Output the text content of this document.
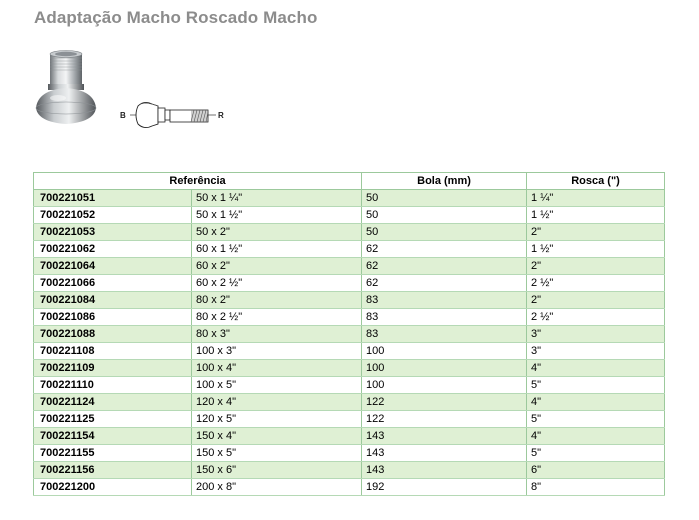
Adaptação Macho Roscado Macho
B	R
Referência		Bola (mm)	Rosca (")
700221051	50 x 1 ¼"	50	1 ¼"
700221052	50 x 1 ½"	50	1 ½"
700221053	50 x 2"	50	2"
700221062	60 x 1 ½"	62	1 ½"
700221064	60 x 2"	62	2"
700221066	60 x 2 ½"	62	2 ½"
700221084	80 x 2"	83	2"
700221086	80 x 2 ½"	83	2 ½"
700221088	80 x 3"	83	3"
700221108	100 x 3"	100	3"
700221109	100 x 4"	100	4"
700221110	100 x 5"	100	5"
700221124	120 x 4"	122	4"
700221125	120 x 5"	122	5"
700221154	150 x 4"	143	4"
700221155	150 x 5"	143	5"
700221156	150 x 6"	143	6"
700221200	200 x 8"	192	8"
